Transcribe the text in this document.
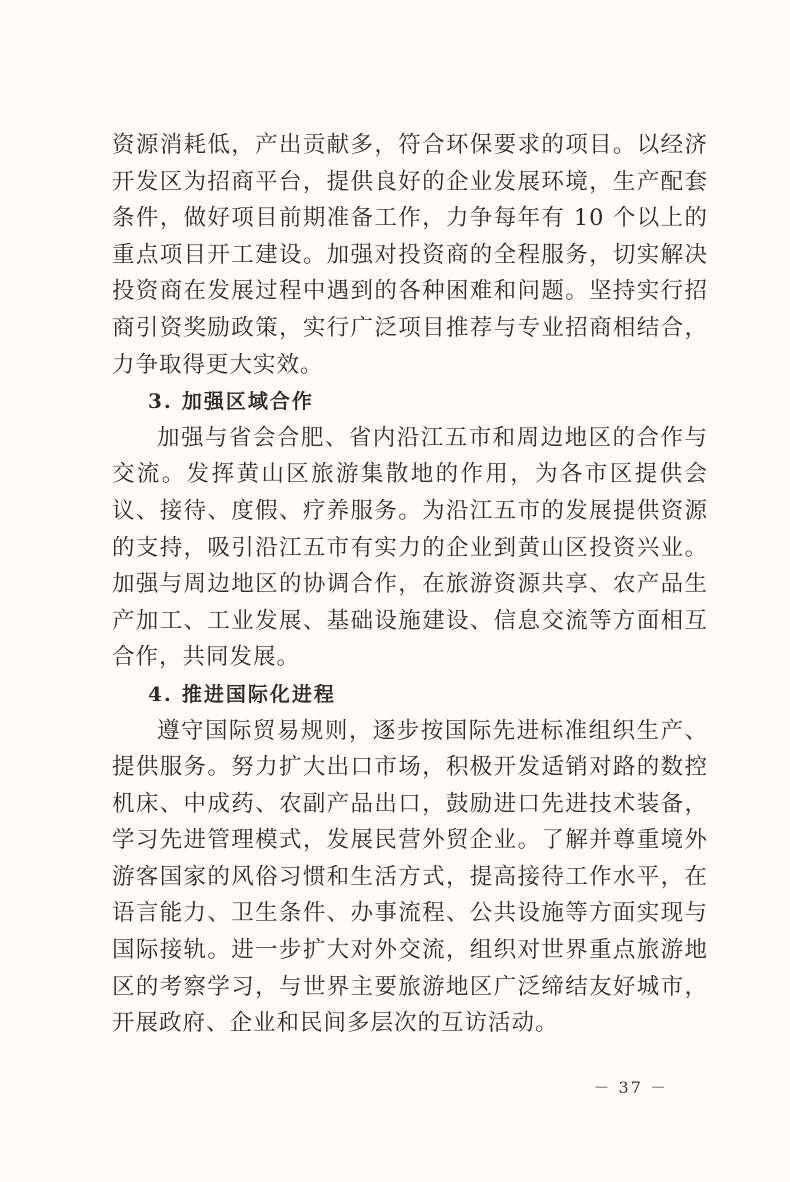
资源消耗低，产出贡献多，符合环保要求的项目。以经济开发区为招商平台，提供良好的企业发展环境，生产配套条件，做好项目前期准备工作，力争每年有 10 个以上的重点项目开工建设。加强对投资商的全程服务，切实解决投资商在发展过程中遇到的各种困难和问题。坚持实行招商引资奖励政策，实行广泛项目推荐与专业招商相结合，力争取得更大实效。

3. 加强区域合作

加强与省会合肥、省内沿江五市和周边地区的合作与交流。发挥黄山区旅游集散地的作用，为各市区提供会议、接待、度假、疗养服务。为沿江五市的发展提供资源的支持，吸引沿江五市有实力的企业到黄山区投资兴业。加强与周边地区的协调合作，在旅游资源共享、农产品生产加工、工业发展、基础设施建设、信息交流等方面相互合作，共同发展。

4. 推进国际化进程

遵守国际贸易规则，逐步按国际先进标准组织生产、提供服务。努力扩大出口市场，积极开发适销对路的数控机床、中成药、农副产品出口，鼓励进口先进技术装备，学习先进管理模式，发展民营外贸企业。了解并尊重境外游客国家的风俗习惯和生活方式，提高接待工作水平，在语言能力、卫生条件、办事流程、公共设施等方面实现与国际接轨。进一步扩大对外交流，组织对世界重点旅游地区的考察学习，与世界主要旅游地区广泛缔结友好城市，开展政府、企业和民间多层次的互访活动。

－ 37 －
